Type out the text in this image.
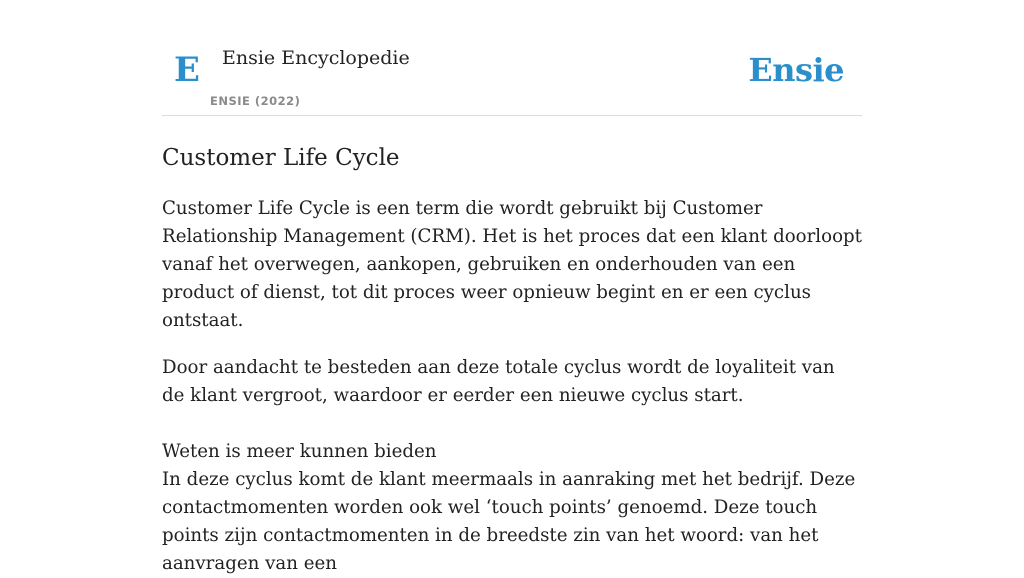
E Ensie Encyclopedie
ENSIE (2022)
Ensie
Customer Life Cycle

Customer Life Cycle is een term die wordt gebruikt bij Customer Relationship Management (CRM). Het is het proces dat een klant doorloopt vanaf het overwegen, aankopen, gebruiken en onderhouden van een product of dienst, tot dit proces weer opnieuw begint en er een cyclus ontstaat.

Door aandacht te besteden aan deze totale cyclus wordt de loyaliteit van de klant vergroot, waardoor er eerder een nieuwe cyclus start.

Weten is meer kunnen bieden

In deze cyclus komt de klant meermaals in aanraking met het bedrijf. Deze contactmomenten worden ook wel ‘touch points’ genoemd. Deze touch points zijn contactmomenten in de breedste zin van het woord: van het aanvragen van een
